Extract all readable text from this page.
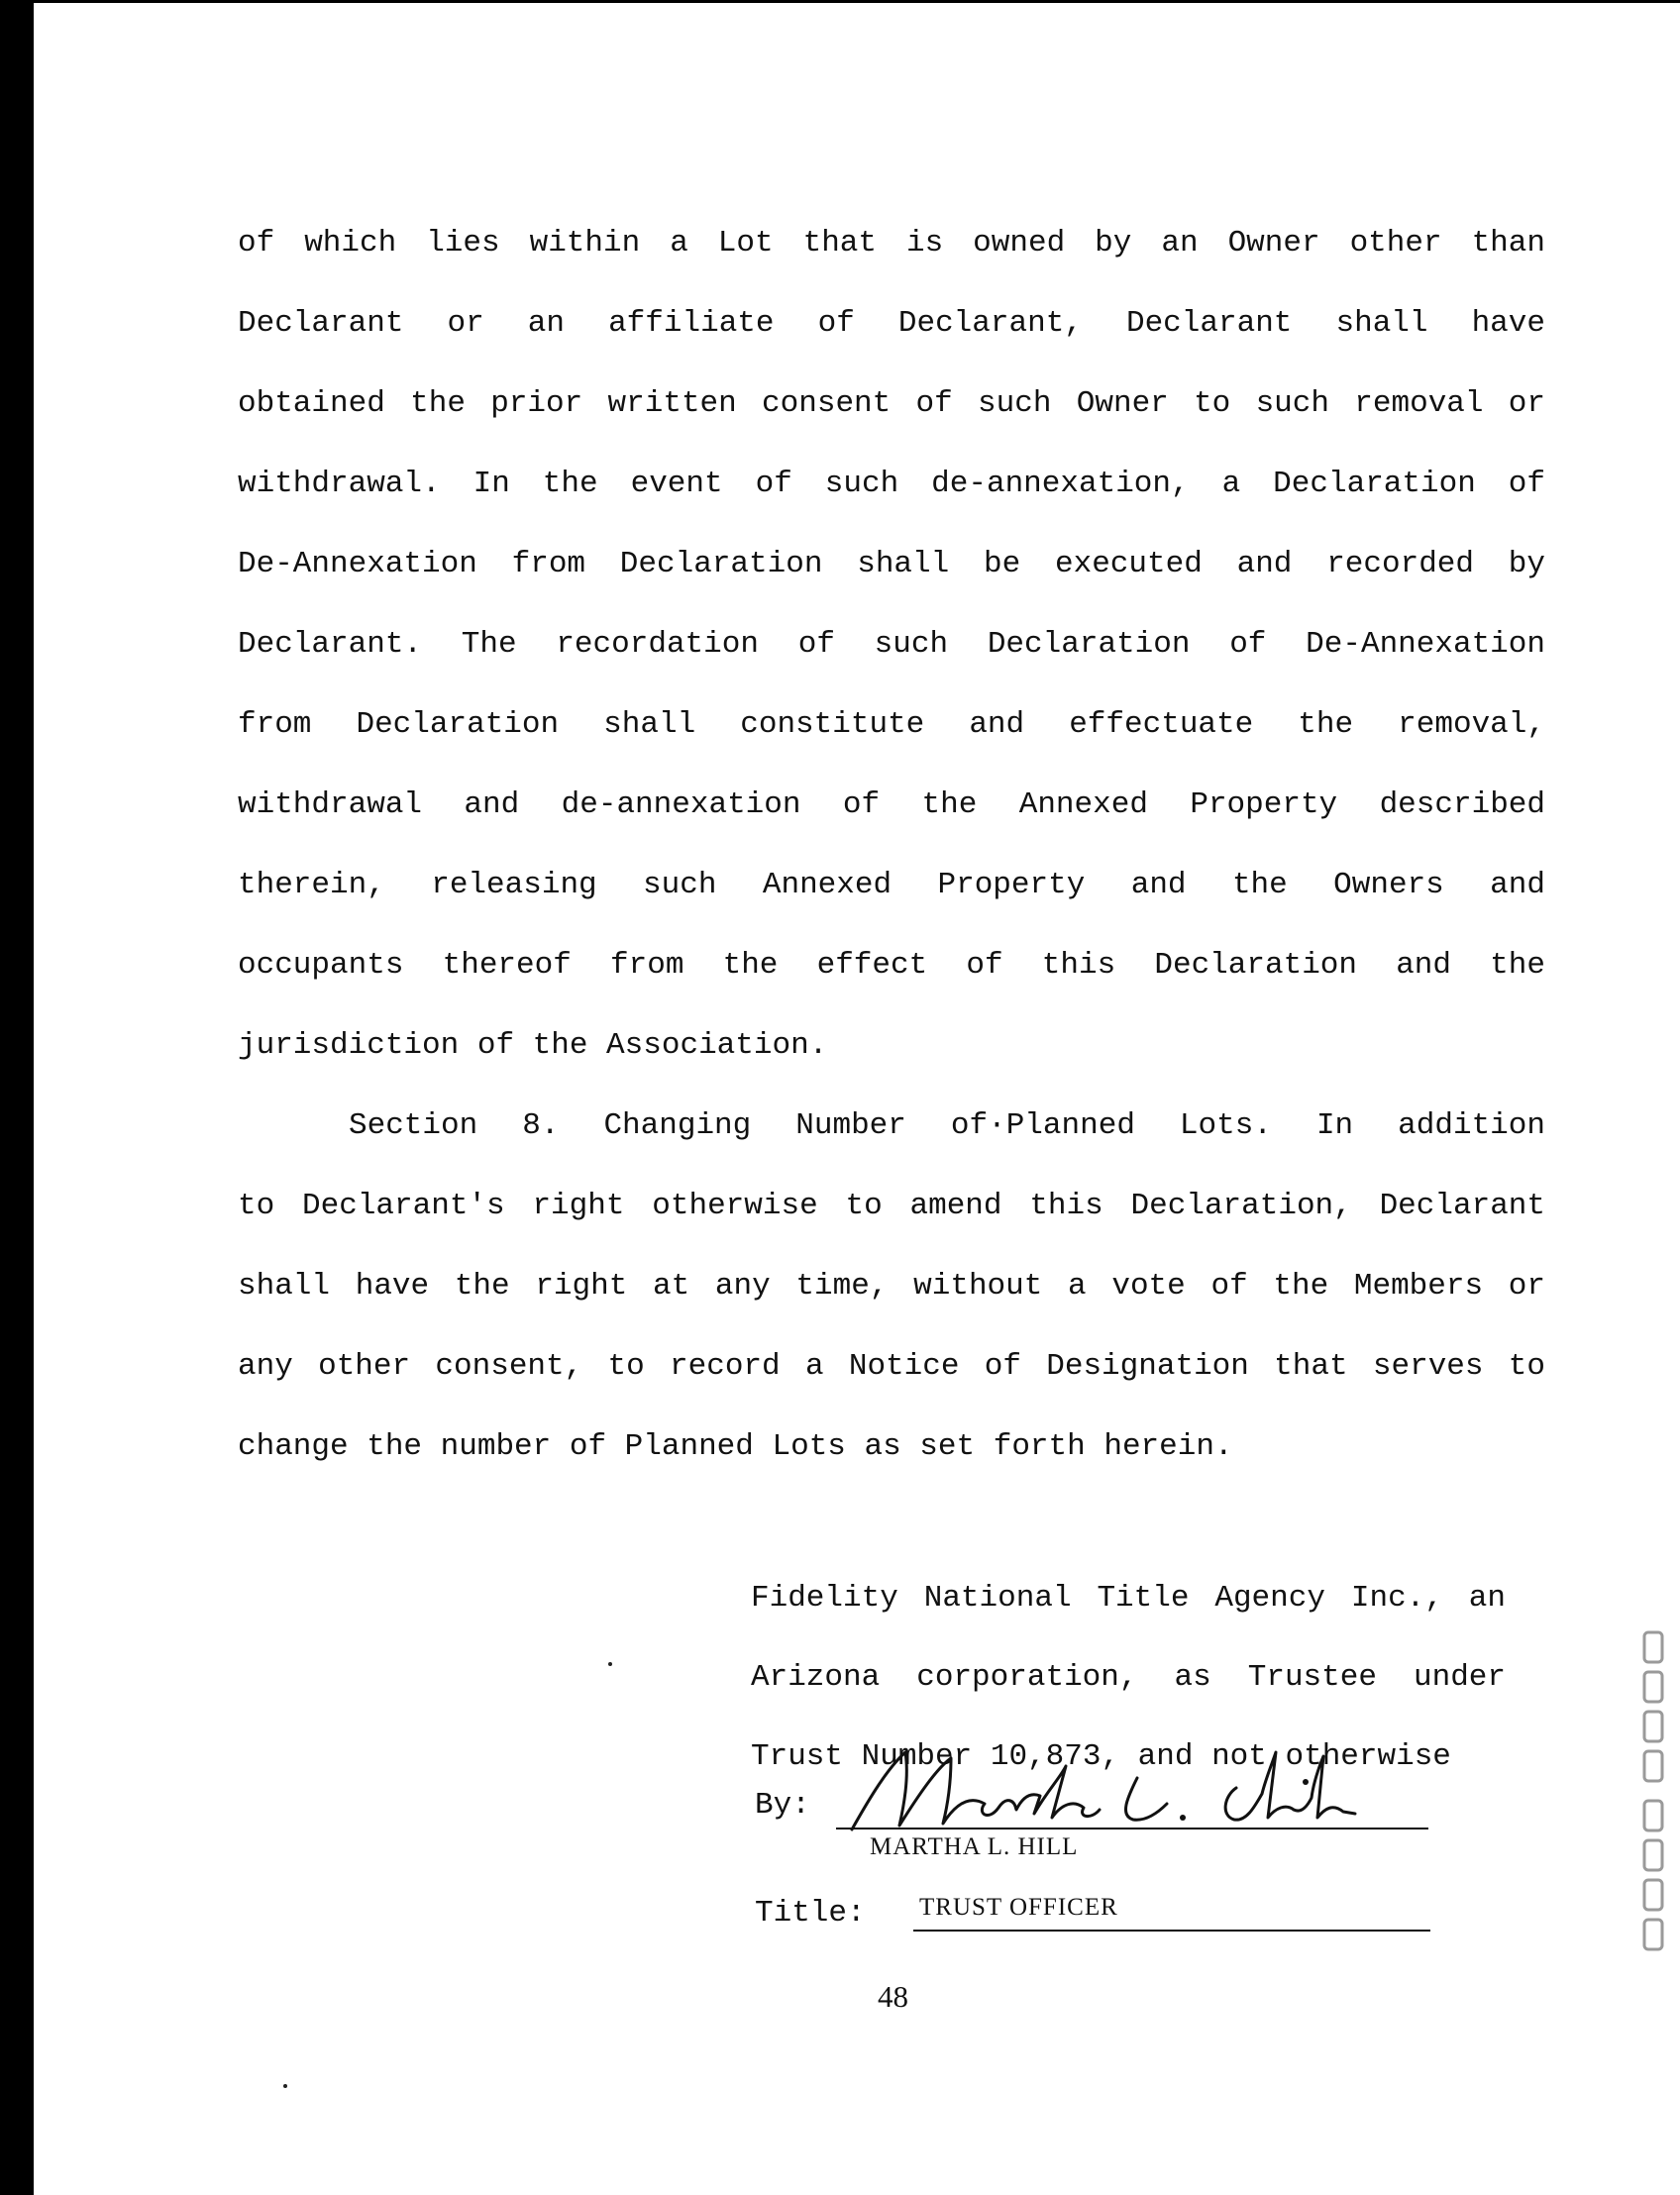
of which lies within a Lot that is owned by an Owner other than
Declarant or an affiliate of Declarant, Declarant shall have
obtained the prior written consent of such Owner to such removal or
withdrawal. In the event of such de-annexation, a Declaration of
De-Annexation from Declaration shall be executed and recorded by
Declarant. The recordation of such Declaration of De-Annexation
from Declaration shall constitute and effectuate the removal,
withdrawal and de-annexation of the Annexed Property described
therein, releasing such Annexed Property and the Owners and
occupants thereof from the effect of this Declaration and the
jurisdiction of the Association.
Section 8. Changing Number of·Planned Lots. In addition
to Declarant's right otherwise to amend this Declaration, Declarant
shall have the right at any time, without a vote of the Members or
any other consent, to record a Notice of Designation that serves to
change the number of Planned Lots as set forth herein.
Fidelity National Title Agency Inc., an
Arizona corporation, as Trustee under
Trust Number 10,873, and not otherwise
By:
MARTHA L. HILL
Title: TRUST OFFICER
48
